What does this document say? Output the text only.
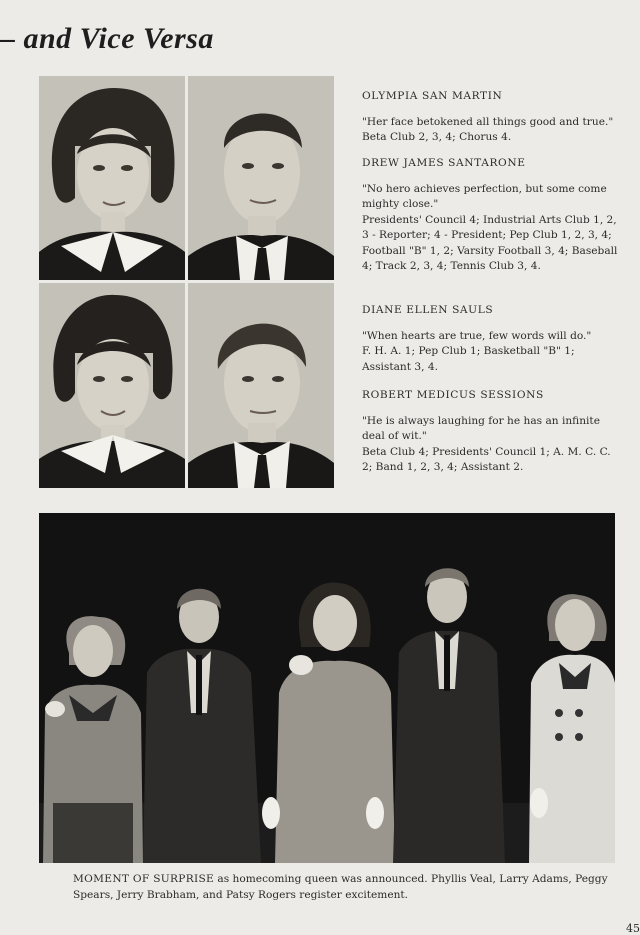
– and Vice Versa
OLYMPIA SAN MARTIN

"Her face betokened all things good and true."

Beta Club 2, 3, 4; Chorus 4.

DREW JAMES SANTARONE

"No hero achieves perfection, but some come mighty close."

Presidents' Council 4; Industrial Arts Club 1, 2, 3 - Reporter; 4 - President; Pep Club 1, 2, 3, 4; Football "B" 1, 2; Varsity Football 3, 4; Baseball 4; Track 2, 3, 4; Tennis Club 3, 4.

DIANE ELLEN SAULS

"When hearts are true, few words will do."

F. H. A. 1; Pep Club 1; Basketball "B" 1; Assistant 3, 4.

ROBERT MEDICUS SESSIONS

"He is always laughing for he has an infinite deal of wit."

Beta Club 4; Presidents' Council 1; A. M. C. C. 2; Band 1, 2, 3, 4; Assistant 2.

MOMENT OF SURPRISE as homecoming queen was announced. Phyllis Veal, Larry Adams, Peggy Spears, Jerry Brabham, and Patsy Rogers register excitement.
45
